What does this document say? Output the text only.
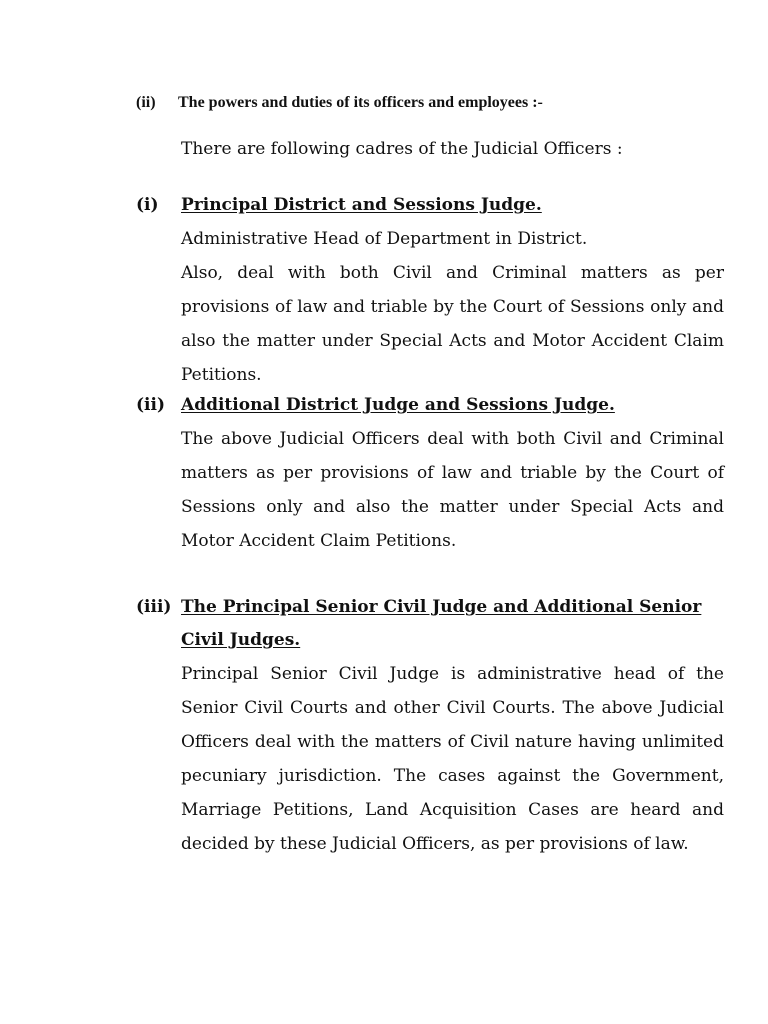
(ii) The powers and duties of its officers and employees :-
There are following cadres of the Judicial Officers :
(i) Principal District and Sessions Judge.
Administrative Head of Department in District.
Also, deal with both Civil and Criminal matters as per provisions of law and triable by the Court of Sessions only and also the matter under Special Acts and Motor Accident Claim Petitions.
(ii) Additional District Judge and Sessions Judge.
The above Judicial Officers deal with both Civil and Criminal matters as per provisions of law and triable by the Court of Sessions only and also the matter under Special Acts and Motor Accident Claim Petitions.
(iii) The Principal Senior Civil Judge and Additional Senior Civil Judges.
Principal Senior Civil Judge is administrative head of the Senior Civil Courts and other Civil Courts. The above Judicial Officers deal with the matters of Civil nature having unlimited pecuniary jurisdiction. The cases against the Government, Marriage Petitions, Land Acquisition Cases are heard and decided by these Judicial Officers, as per provisions of law.
